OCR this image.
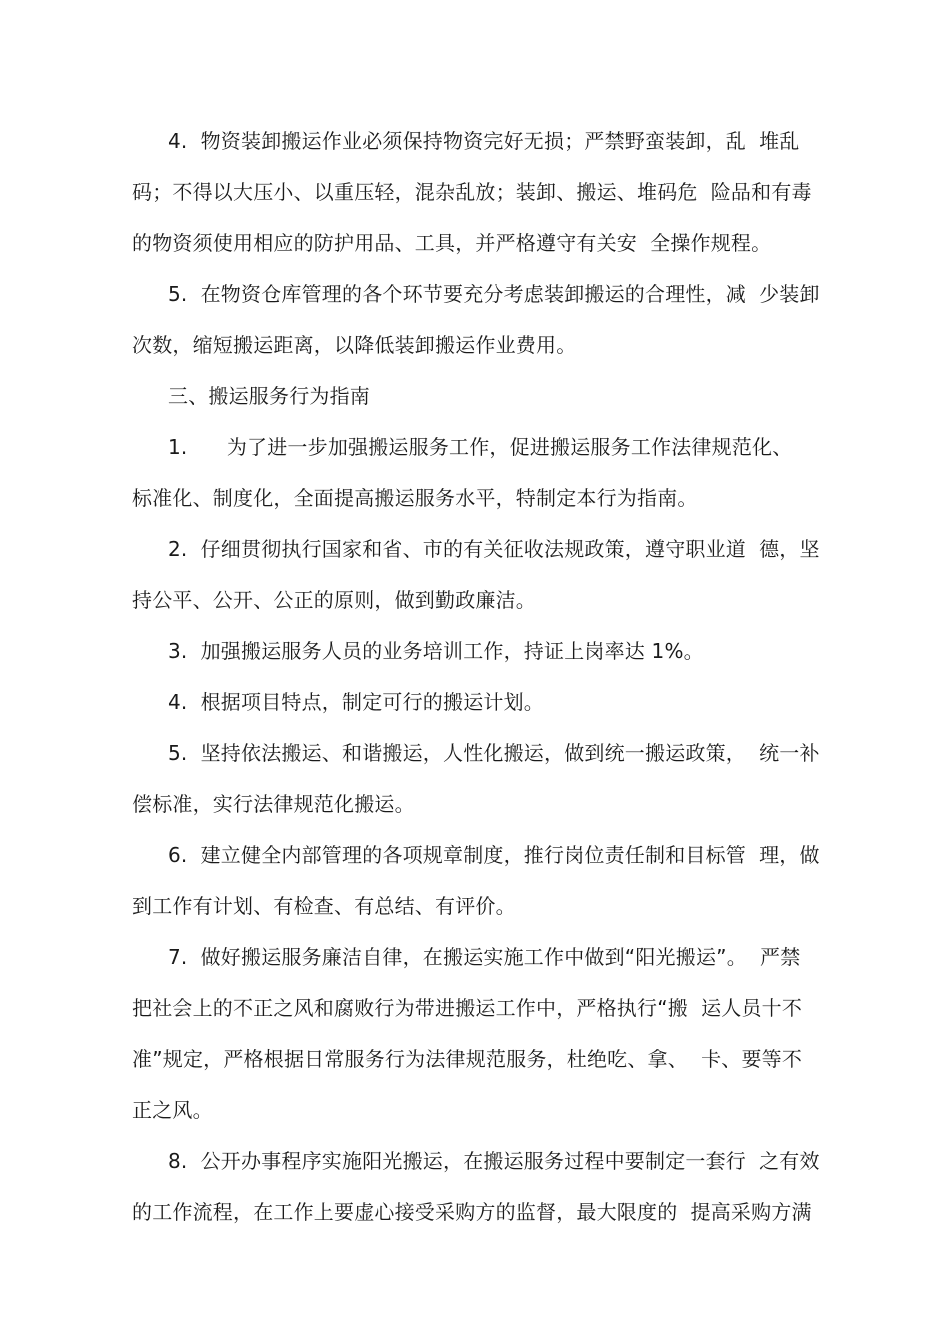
4.  物资装卸搬运作业必须保持物资完好无损；严禁野蛮装卸，乱  堆乱
码；不得以大压小、以重压轻，混杂乱放；装卸、搬运、堆码危  险品和有毒
的物资须使用相应的防护用品、工具，并严格遵守有关安  全操作规程。
5.  在物资仓库管理的各个环节要充分考虑装卸搬运的合理性，减  少装卸
次数，缩短搬运距离，以降低装卸搬运作业费用。
三、搬运服务行为指南
1.      为了进一步加强搬运服务工作，促进搬运服务工作法律规范化、
标准化、制度化，全面提高搬运服务水平，特制定本行为指南。
2.  仔细贯彻执行国家和省、市的有关征收法规政策，遵守职业道  德，坚
持公平、公开、公正的原则，做到勤政廉洁。
3.  加强搬运服务人员的业务培训工作，持证上岗率达 1%。
4.  根据项目特点，制定可行的搬运计划。
5.  坚持依法搬运、和谐搬运，人性化搬运，做到统一搬运政策，  统一补
偿标准，实行法律规范化搬运。
6.  建立健全内部管理的各项规章制度，推行岗位责任制和目标管  理，做
到工作有计划、有检查、有总结、有评价。
7.  做好搬运服务廉洁自律，在搬运实施工作中做到“阳光搬运”。  严禁
把社会上的不正之风和腐败行为带进搬运工作中，严格执行“搬  运人员十不
准”规定，严格根据日常服务行为法律规范服务，杜绝吃、拿、  卡、要等不
正之风。
8.  公开办事程序实施阳光搬运，在搬运服务过程中要制定一套行  之有效
的工作流程，在工作上要虚心接受采购方的监督，最大限度的  提高采购方满
